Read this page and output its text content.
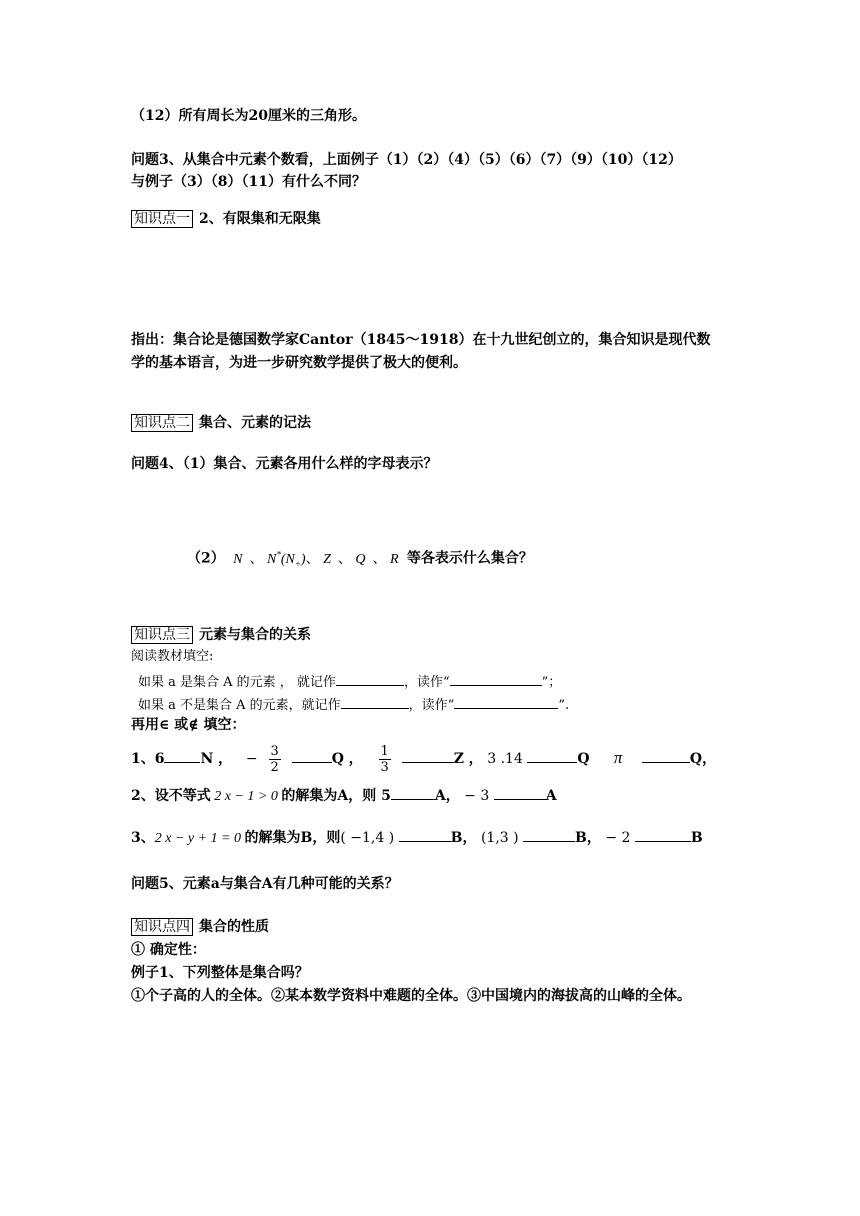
（12）所有周长为20厘米的三角形。
问题3、从集合中元素个数看，上面例子（1）（2）（4）（5）（6）（7）（9）（10）（12）
与例子（3）（8）（11）有什么不同？
知识点一 2、有限集和无限集
指出：集合论是德国数学家Cantor（1845～1918）在十九世纪创立的，集合知识是现代数
学的基本语言，为进一步研究数学提供了极大的便利。
知识点二 集合、元素的记法
问题4、（1）集合、元素各用什么样的字母表示？
（2）  N  、 $N^*(N_+)$、 Z  、 Q  、 R  等各表示什么集合？
知识点三 元素与集合的关系
阅读教材填空:
如果 a 是集合 A 的元素 ， 就记作	，读作“	”；
如果 a 不是集合 A 的元素，就记作	，读作“	”.
再用∈ 或∉ 填空：
1、6	N ，   − $\frac{3}{2}$	Q ， $\frac{1}{3}$	Z ， 3 .14	Q     π	Q，
2、设不等式 2 x − 1 > 0 的解集为A，则 5	A， − 3	A
3、2 x − y + 1 = 0 的解集为B，则( −1,4 )	B， (1,3 )	B， − 2	B
问题5、元素a与集合A有几种可能的关系？
知识点四 集合的性质
① 确定性：
例子1、下列整体是集合吗？
①个子高的人的全体。②某本数学资料中难题的全体。③中国境内的海拔高的山峰的全体。
